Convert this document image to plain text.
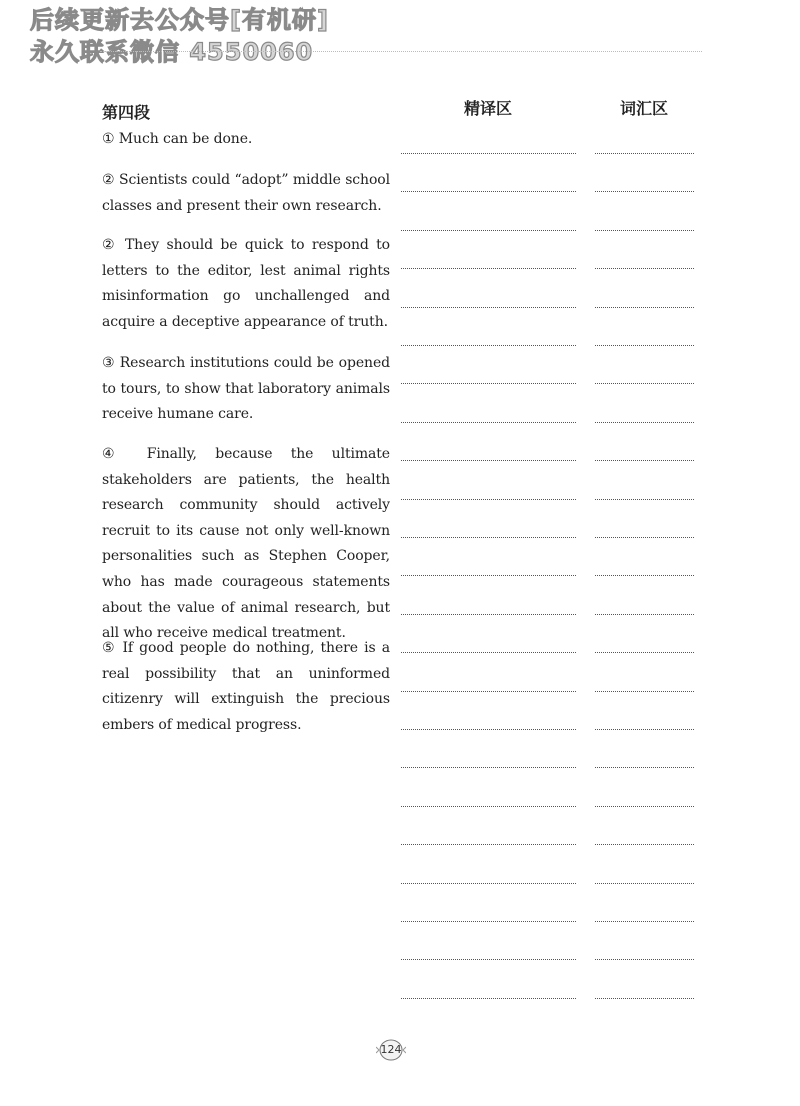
后续更新去公众号[有机研]
永久联系微信 4550060
第四段	精译区	词汇区

① Much can be done.

② Scientists could “adopt” middle school classes and present their own research.

② They should be quick to respond to letters to the editor, lest animal rights misinformation go unchallenged and acquire a deceptive appearance of truth.

③ Research institutions could be opened to tours, to show that laboratory animals receive humane care.

④ Finally, because the ultimate stakeholders are patients, the health research community should actively recruit to its cause not only well-known personalities such as Stephen Cooper, who has made courageous statements about the value of animal research, but all who receive medical treatment.

⑤ If good people do nothing, there is a real possibility that an uninformed citizenry will extinguish the precious embers of medical progress.

124
